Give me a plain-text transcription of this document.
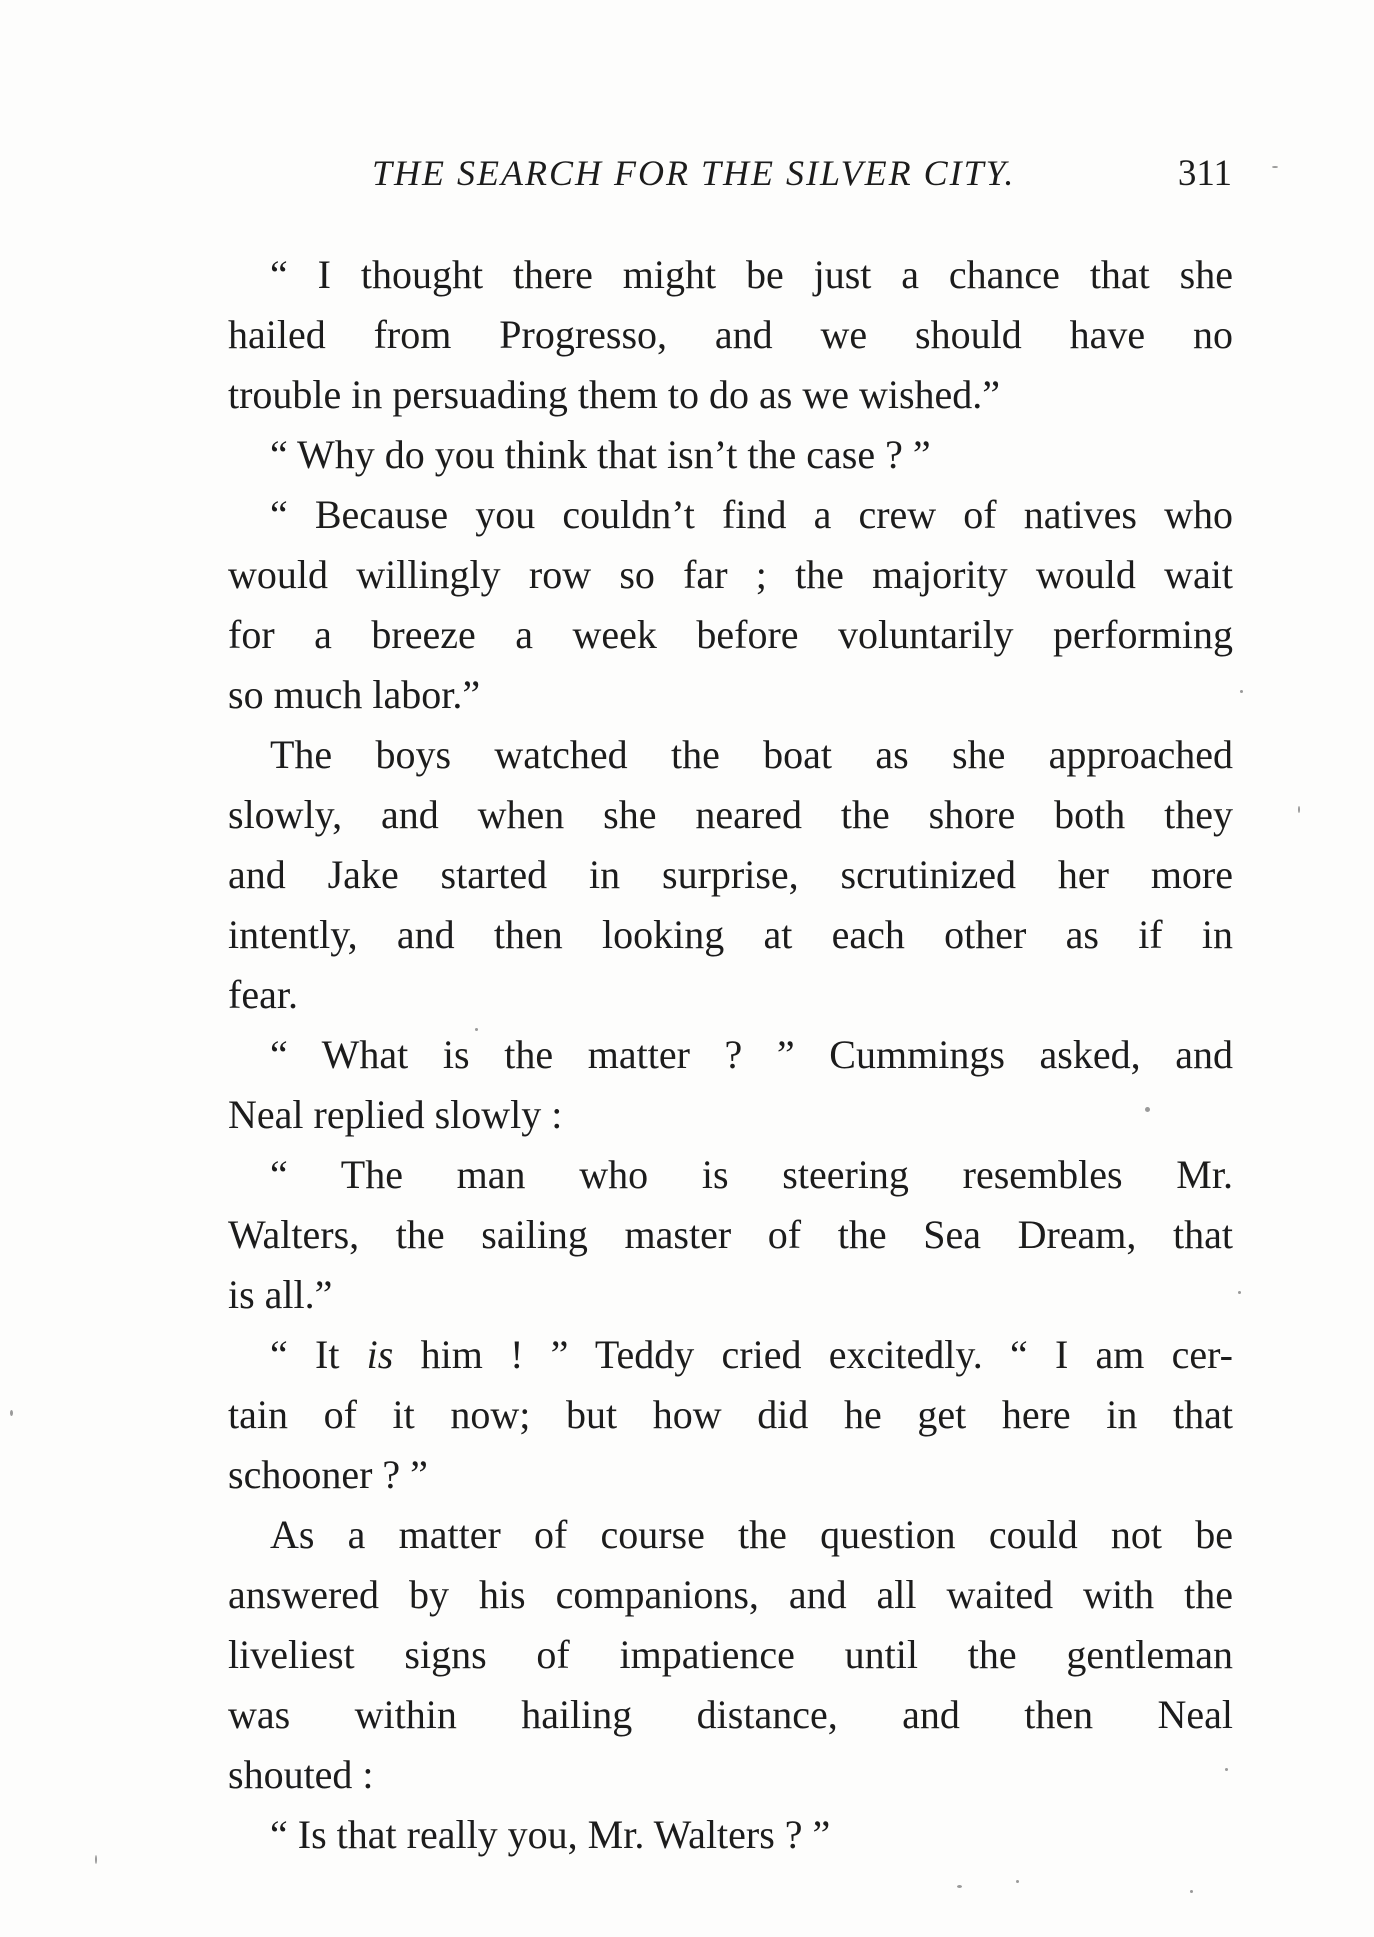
THE SEARCH FOR THE SILVER CITY.	311
“ I thought there might be just a chance that she
hailed from Progresso, and we should have no
trouble in persuading them to do as we wished.”
“ Why do you think that isn’t the case ? ”
“ Because you couldn’t find a crew of natives who
would willingly row so far ; the majority would wait
for a breeze a week before voluntarily performing
so much labor.”
The boys watched the boat as she approached
slowly, and when she neared the shore both they
and Jake started in surprise, scrutinized her more
intently, and then looking at each other as if in
fear.
“ What is the matter ? ” Cummings asked, and
Neal replied slowly :
“ The man who is steering resembles Mr.
Walters, the sailing master of the Sea Dream, that
is all.”
“ It is him ! ” Teddy cried excitedly. “ I am cer-
tain of it now; but how did he get here in that
schooner ? ”
As a matter of course the question could not be
answered by his companions, and all waited with the
liveliest signs of impatience until the gentleman
was within hailing distance, and then Neal
shouted :
“ Is that really you, Mr. Walters ? ”
